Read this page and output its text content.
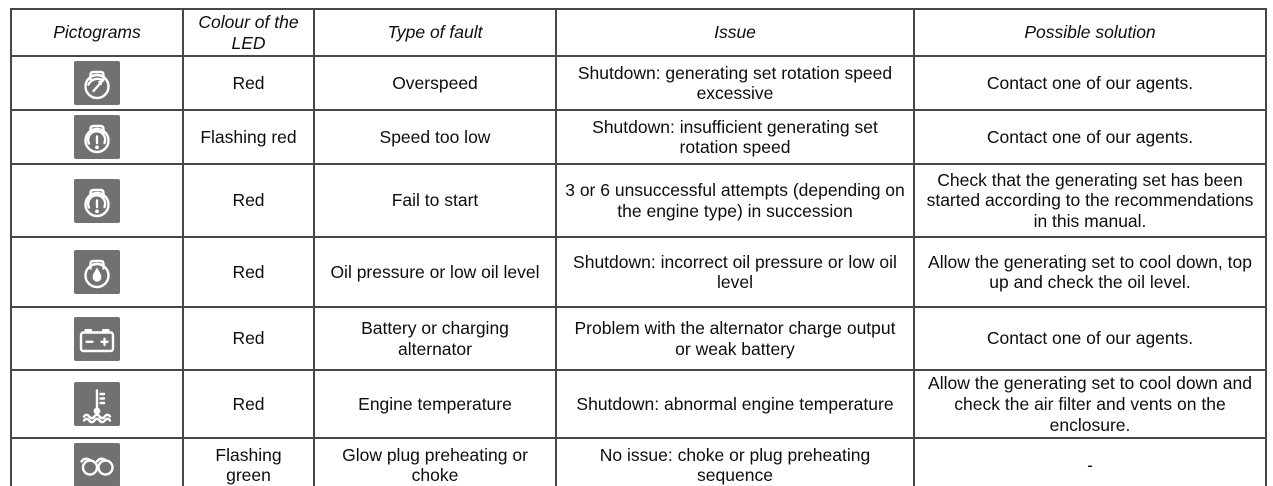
Pictograms	Colour of the LED	Type of fault	Issue	Possible solution

	Red	Overspeed	Shutdown: generating set rotation speed excessive	Contact one of our agents.

	Flashing red	Speed too low	Shutdown: insufficient generating set rotation speed	Contact one of our agents.

	Red	Fail to start	3 or 6 unsuccessful attempts (depending on the engine type) in succession	Check that the generating set has been started according to the recommendations in this manual.

	Red	Oil pressure or low oil level	Shutdown: incorrect oil pressure or low oil level	Allow the generating set to cool down, top up and check the oil level.

	Red	Battery or charging alternator	Problem with the alternator charge output or weak battery	Contact one of our agents.

	Red	Engine temperature	Shutdown: abnormal engine temperature	Allow the generating set to cool down and check the air filter and vents on the enclosure.

	Flashing green	Glow plug preheating or choke	No issue: choke or plug preheating sequence	-
